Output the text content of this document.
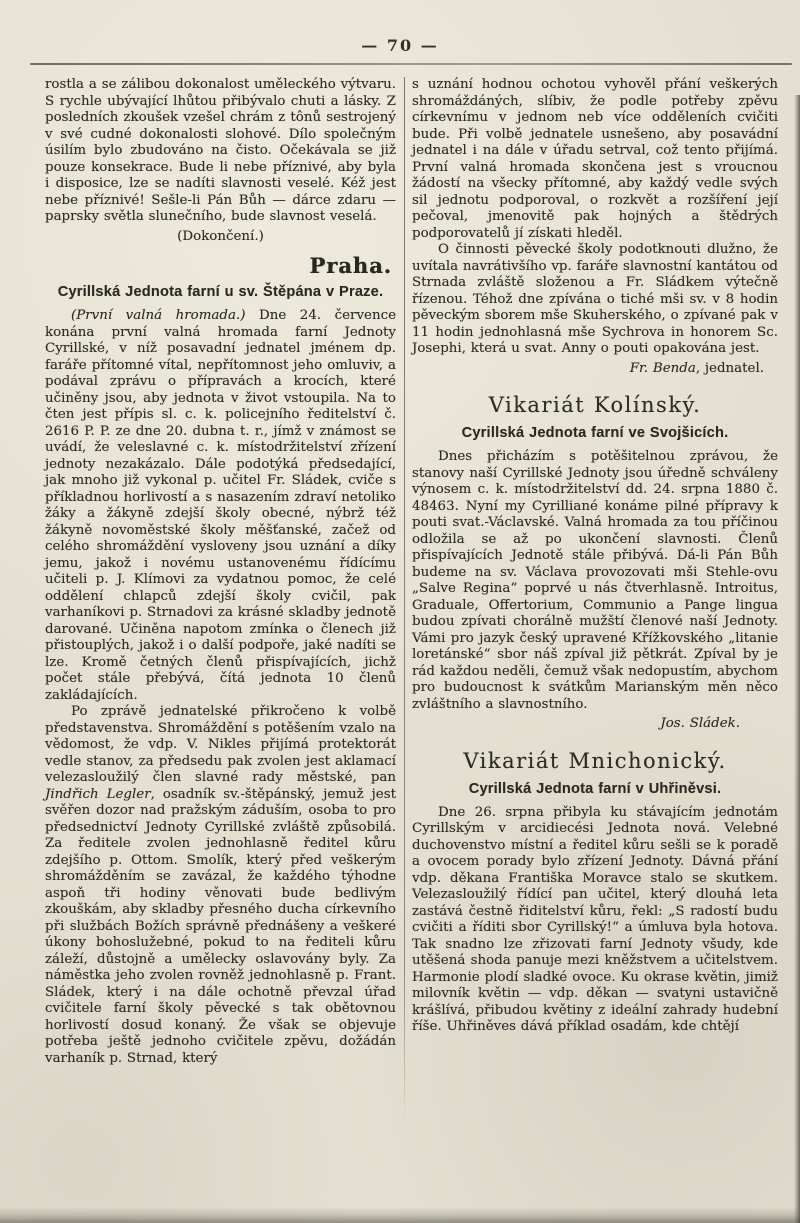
— 70 —

rostla a se zálibou dokonalost uměleckého výtvaru. S rychle ubývající lhůtou přibývalo chuti a lásky. Z posledních zkoušek vzešel chrám z tônů sestrojený v své cudné dokonalosti slohové. Dílo společným úsilím bylo zbudováno na čisto. Očekávala se již pouze konsekrace. Bude li nebe příznivé, aby byla i disposice, lze se nadíti slavnosti veselé. Kéž jest nebe příznivé! Sešle-li Pán Bůh — dárce zdaru — paprsky světla slunečního, bude slavnost veselá.

(Dokončení.)

Praha.
Cyrillská Jednota farní u sv. Štěpána v Praze.

(První valná hromada.) Dne 24. července konána první valná hromada farní Jednoty Cyrillské, v níž posavadní jednatel jménem dp. faráře přítomné vítal, nepřítomnost jeho omluviv, a podával zprávu o přípravách a krocích, které učiněny jsou, aby jednota v život vstoupila. Na to čten jest přípis sl. c. k. policejního ředitelství č. 2616 P. P. ze dne 20. dubna t. r., jímž v známost se uvádí, že veleslavné c. k. místodržitelství zřízení jednoty nezakázalo. Dále podotýká předsedající, jak mnoho již vykonal p. učitel Fr. Sládek, cviče s příkladnou horlivostí a s nasazením zdraví netoliko žáky a žákyně zdejší školy obecné, nýbrž též žákyně novoměstské školy měšťanské, začež od celého shromáždění vysloveny jsou uznání a díky jemu, jakož i novému ustanovenému řídícímu učiteli p. J. Klímovi za vydatnou pomoc, že celé oddělení chlapců zdejší školy cvičil, pak varhaníkovi p. Strnadovi za krásné skladby jednotě darované. Učiněna napotom zmínka o členech již přistouplých, jakož i o další podpoře, jaké nadíti se lze. Kromě četných členů přispívajících, jichž počet stále přebývá, čítá jednota 10 členů zakládajících.

Po zprávě jednatelské přikročeno k volbě představenstva. Shromáždění s potěšením vzalo na vědomost, že vdp. V. Nikles přijímá protektorát vedle stanov, za předsedu pak zvolen jest aklamací velezasloužilý člen slavné rady městské, pan Jindřich Legler, osadník sv.-štěpánský, jemuž jest svěřen dozor nad pražským záduším, osoba to pro předsednictví Jednoty Cyrillské zvláště způsobilá. Za ředitele zvolen jednohlasně ředitel kůru zdejšího p. Ottom. Smolík, který před veškerým shromážděním se zavázal, že každého týhodne aspoň tři hodiny věnovati bude bedlivým zkouškám, aby skladby přesného ducha církevního při službách Božích správně přednášeny a veškeré úkony bohoslužebné, pokud to na řediteli kůru záleží, důstojně a umělecky oslavovány byly. Za náměstka jeho zvolen rovněž jednohlasně p. Frant. Sládek, který i na dále ochotně převzal úřad cvičitele farní školy pěvecké s tak obětovnou horlivostí dosud konaný. Že však se objevuje potřeba ještě jednoho cvičitele zpěvu, dožádán varhaník p. Strnad, který

s uznání hodnou ochotou vyhověl přání veškerých shromáždáných, slíbiv, že podle potřeby zpěvu církevnímu v jednom neb více odděleních cvičiti bude. Při volbě jednatele usnešeno, aby posavádní jednatel i na dále v úřadu setrval, což tento přijímá. První valná hromada skončena jest s vroucnou žádostí na všecky přítomné, aby každý vedle svých sil jednotu podporoval, o rozkvět a rozšíření její pečoval, jmenovitě pak hojných a štědrých podporovatelů jí získati hleděl.

O činnosti pěvecké školy podotknouti dlužno, že uvítala navrátivšího vp. faráře slavnostní kantátou od Strnada zvláště složenou a Fr. Sládkem výtečně řízenou. Téhož dne zpívána o tiché mši sv. v 8 hodin pěveckým sborem mše Skuherského, o zpívané pak v 11 hodin jednohlasná mše Sychrova in honorem Sc. Josephi, která u svat. Anny o pouti opakována jest.

Fr. Benda, jednatel.

Vikariát Kolínský.
Cyrillská Jednota farní ve Svojšicích.

Dnes přicházím s potěšitelnou zprávou, že stanovy naší Cyrillské Jednoty jsou úředně schváleny výnosem c. k. místodržitelství dd. 24. srpna 1880 č. 48463. Nyní my Cyrilliané konáme pilné přípravy k pouti svat.-Václavské. Valná hromada za tou příčinou odložila se až po ukončení slavnosti. Členů přispívajících Jednotě stále přibývá. Dá-li Pán Bůh budeme na sv. Václava provozovati mši Stehle-ovu „Salve Regina“ poprvé u nás čtverhlasně. Introitus, Graduale, Offertorium, Communio a Pange lingua budou zpívati chorálně mužští členové naší Jednoty. Vámi pro jazyk český upravené Křížkovského „litanie loretánské“ sbor náš zpíval již pětkrát. Zpíval by je rád každou neděli, čemuž však nedopustím, abychom pro budoucnost k svátkům Marianským měn něco zvláštního a slavnostního.

Jos. Sládek.

Vikariát Mnichonický.
Cyrillská Jednota farní v Uhřiněvsi.

Dne 26. srpna přibyla ku stávajícím jednotám Cyrillským v arcidiecési Jednota nová. Velebné duchovenstvo místní a ředitel kůru sešli se k poradě a ovocem porady bylo zřízení Jednoty. Dávná přání vdp. děkana Františka Moravce stalo se skutkem. Velezasloužilý řídící pan učitel, který dlouhá leta zastává čestně řiditelství kůru, řekl: „S radostí budu cvičiti a říditi sbor Cyrillský!“ a úmluva byla hotova. Tak snadno lze zřizovati farní Jednoty všudy, kde utěšená shoda panuje mezi kněžstvem a učitelstvem. Harmonie plodí sladké ovoce. Ku okrase květin, jimiž milovník květin — vdp. děkan — svatyni ustavičně krášlívá, přibudou květiny z ideální zahrady hudební říše. Uhřiněves dává příklad osadám, kde chtějí
